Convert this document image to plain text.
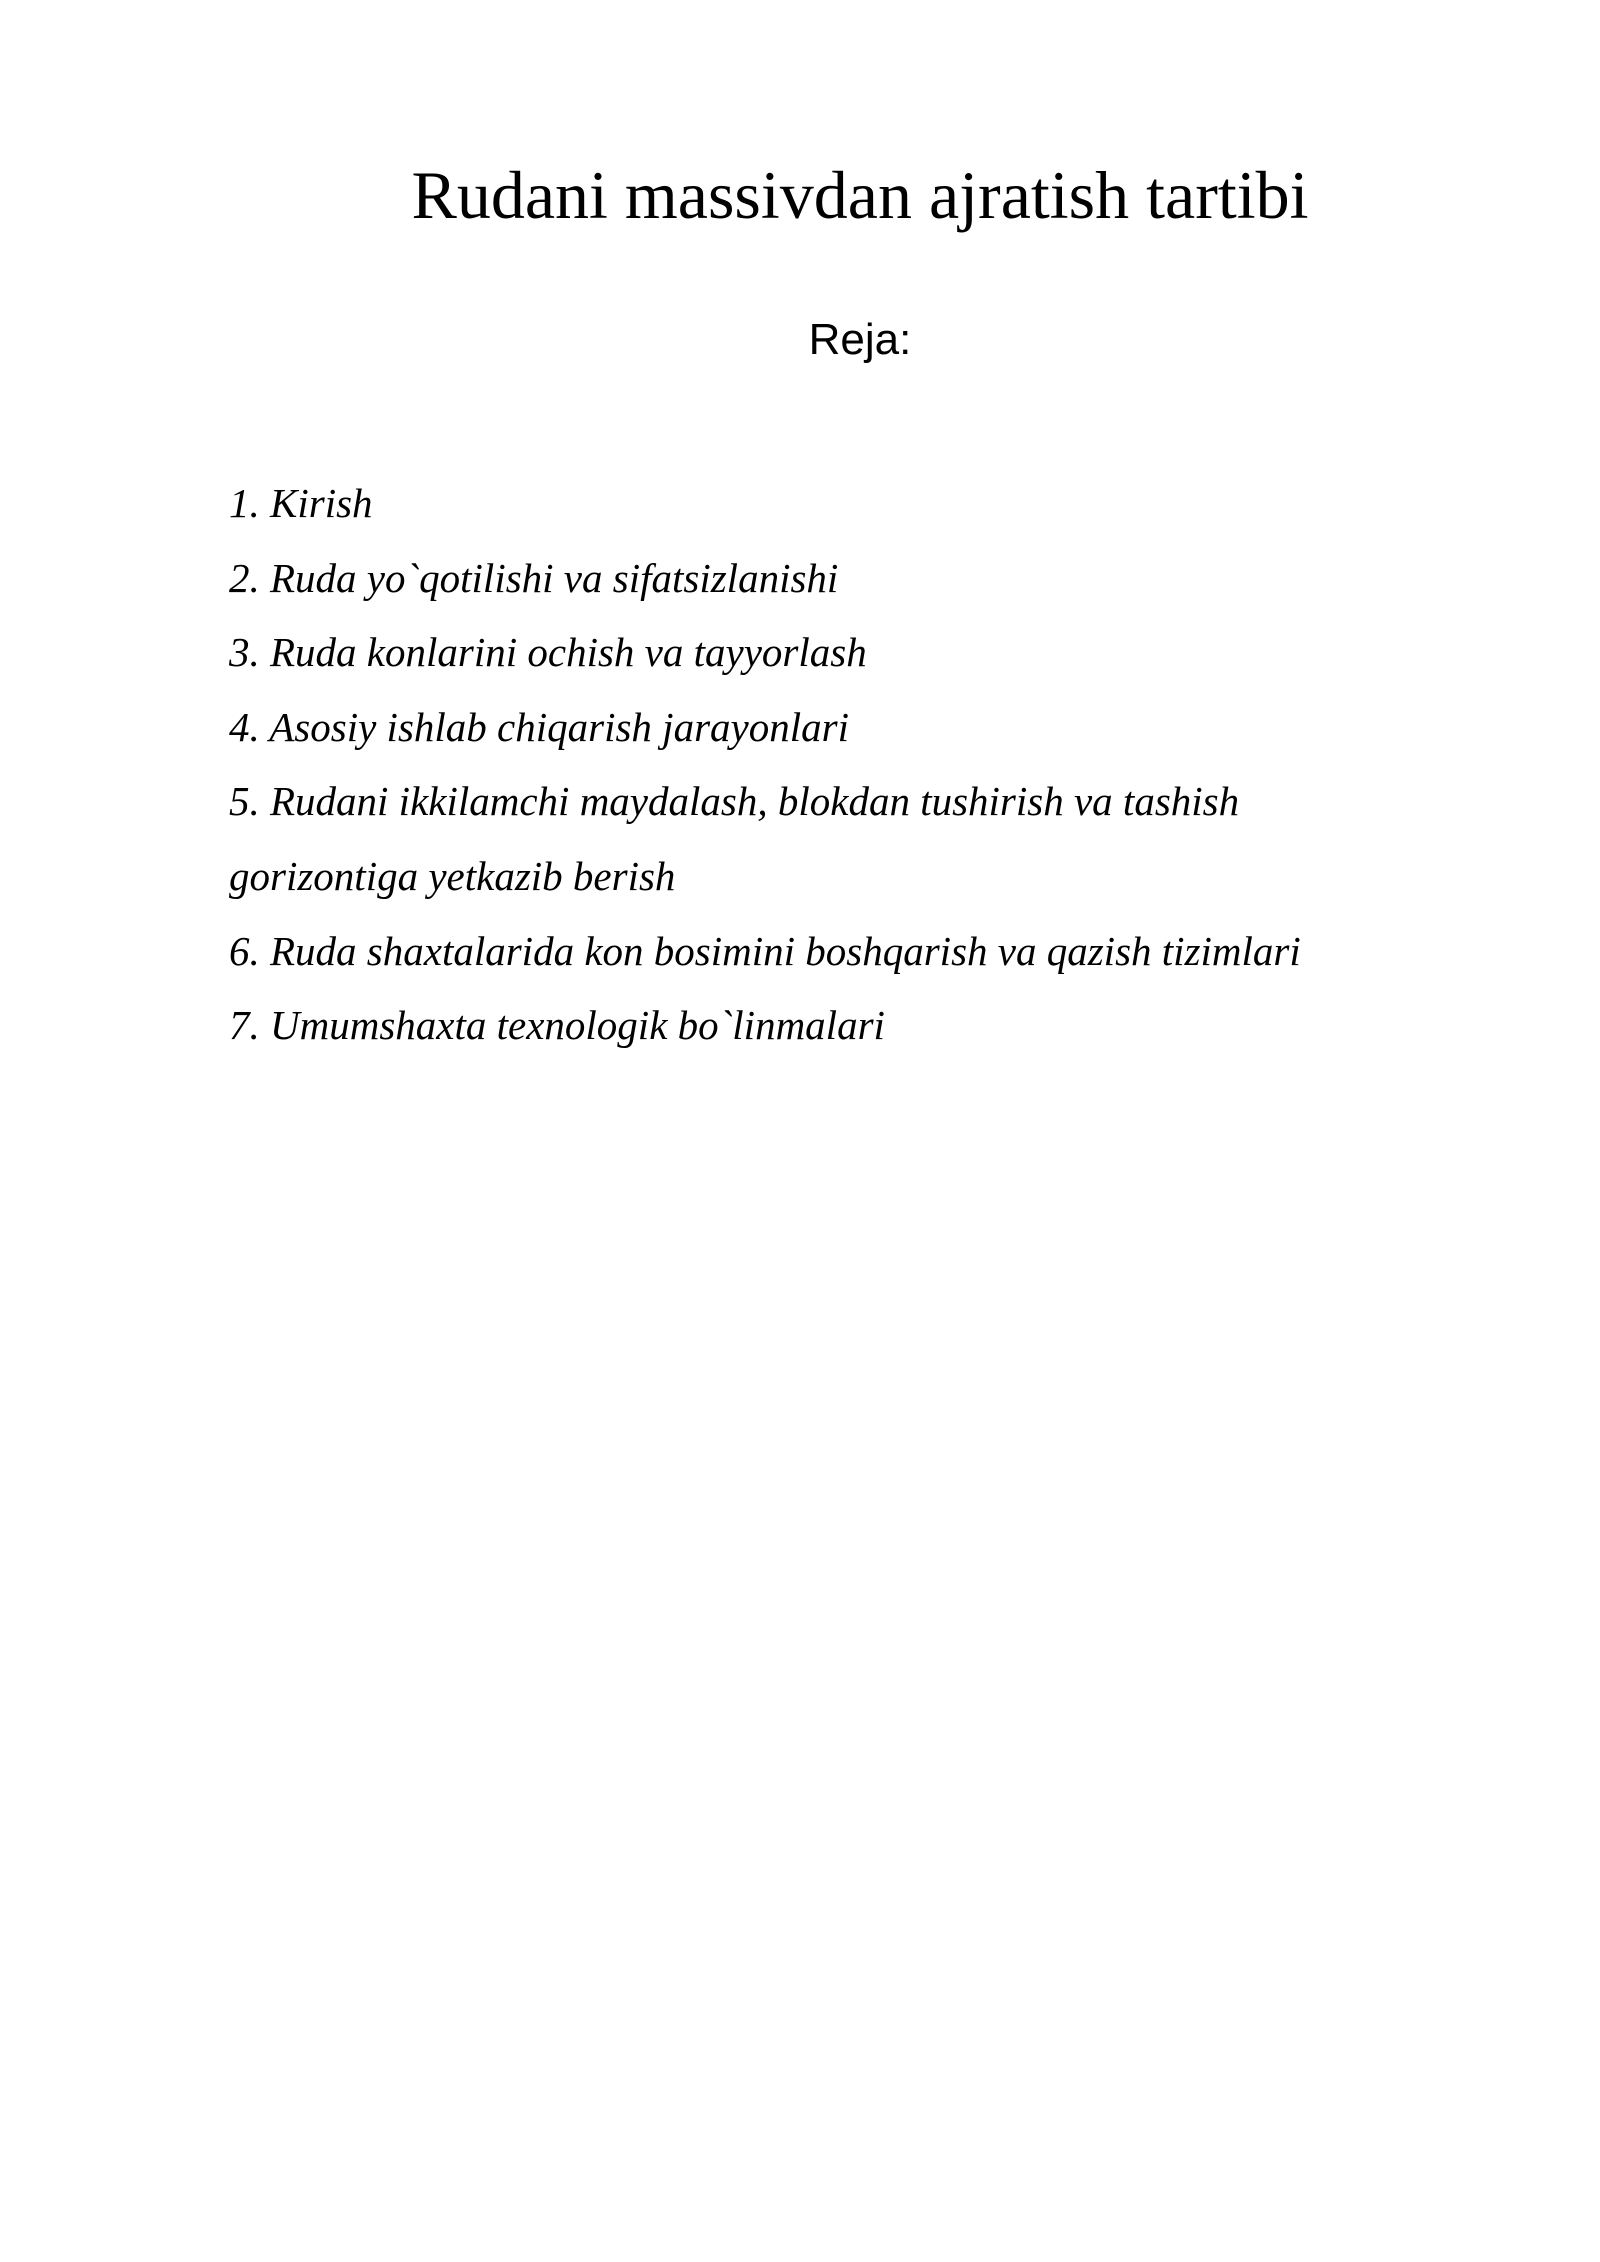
Rudani massivdan ajratish tartibi
Reja:
1. Kirish
2. Ruda yo`qotilishi va sifatsizlanishi
3. Ruda konlarini ochish va tayyorlash
4. Asosiy ishlab chiqarish jarayonlari
5. Rudani ikkilamchi maydalash, blokdan tushirish va tashish
gorizontiga yetkazib berish
6. Ruda shaxtalarida kon bosimini boshqarish va qazish tizimlari
7. Umumshaxta texnologik bo`linmalari
